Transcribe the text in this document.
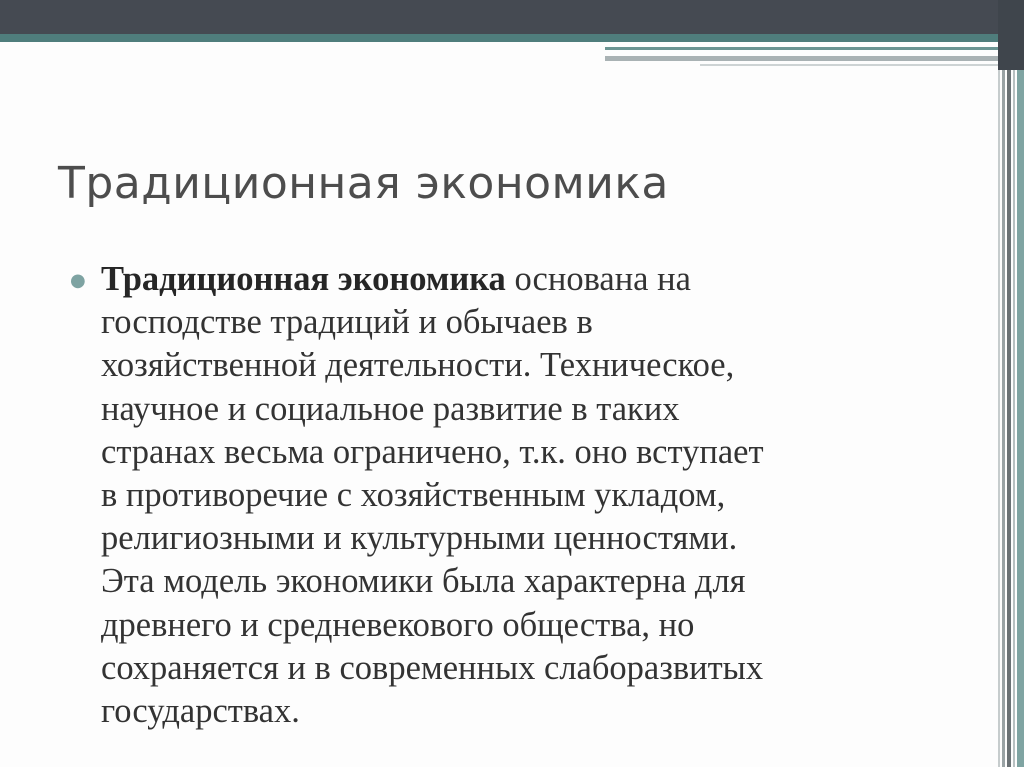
Традиционная экономика
● Традиционная экономика основана на
господстве традиций и обычаев в
хозяйственной деятельности. Техническое,
научное и социальное развитие в таких
странах весьма ограничено, т.к. оно вступает
в противоречие с хозяйственным укладом,
религиозными и культурными ценностями.
Эта модель экономики была характерна для
древнего и средневекового общества, но
сохраняется и в современных слаборазвитых
государствах.
